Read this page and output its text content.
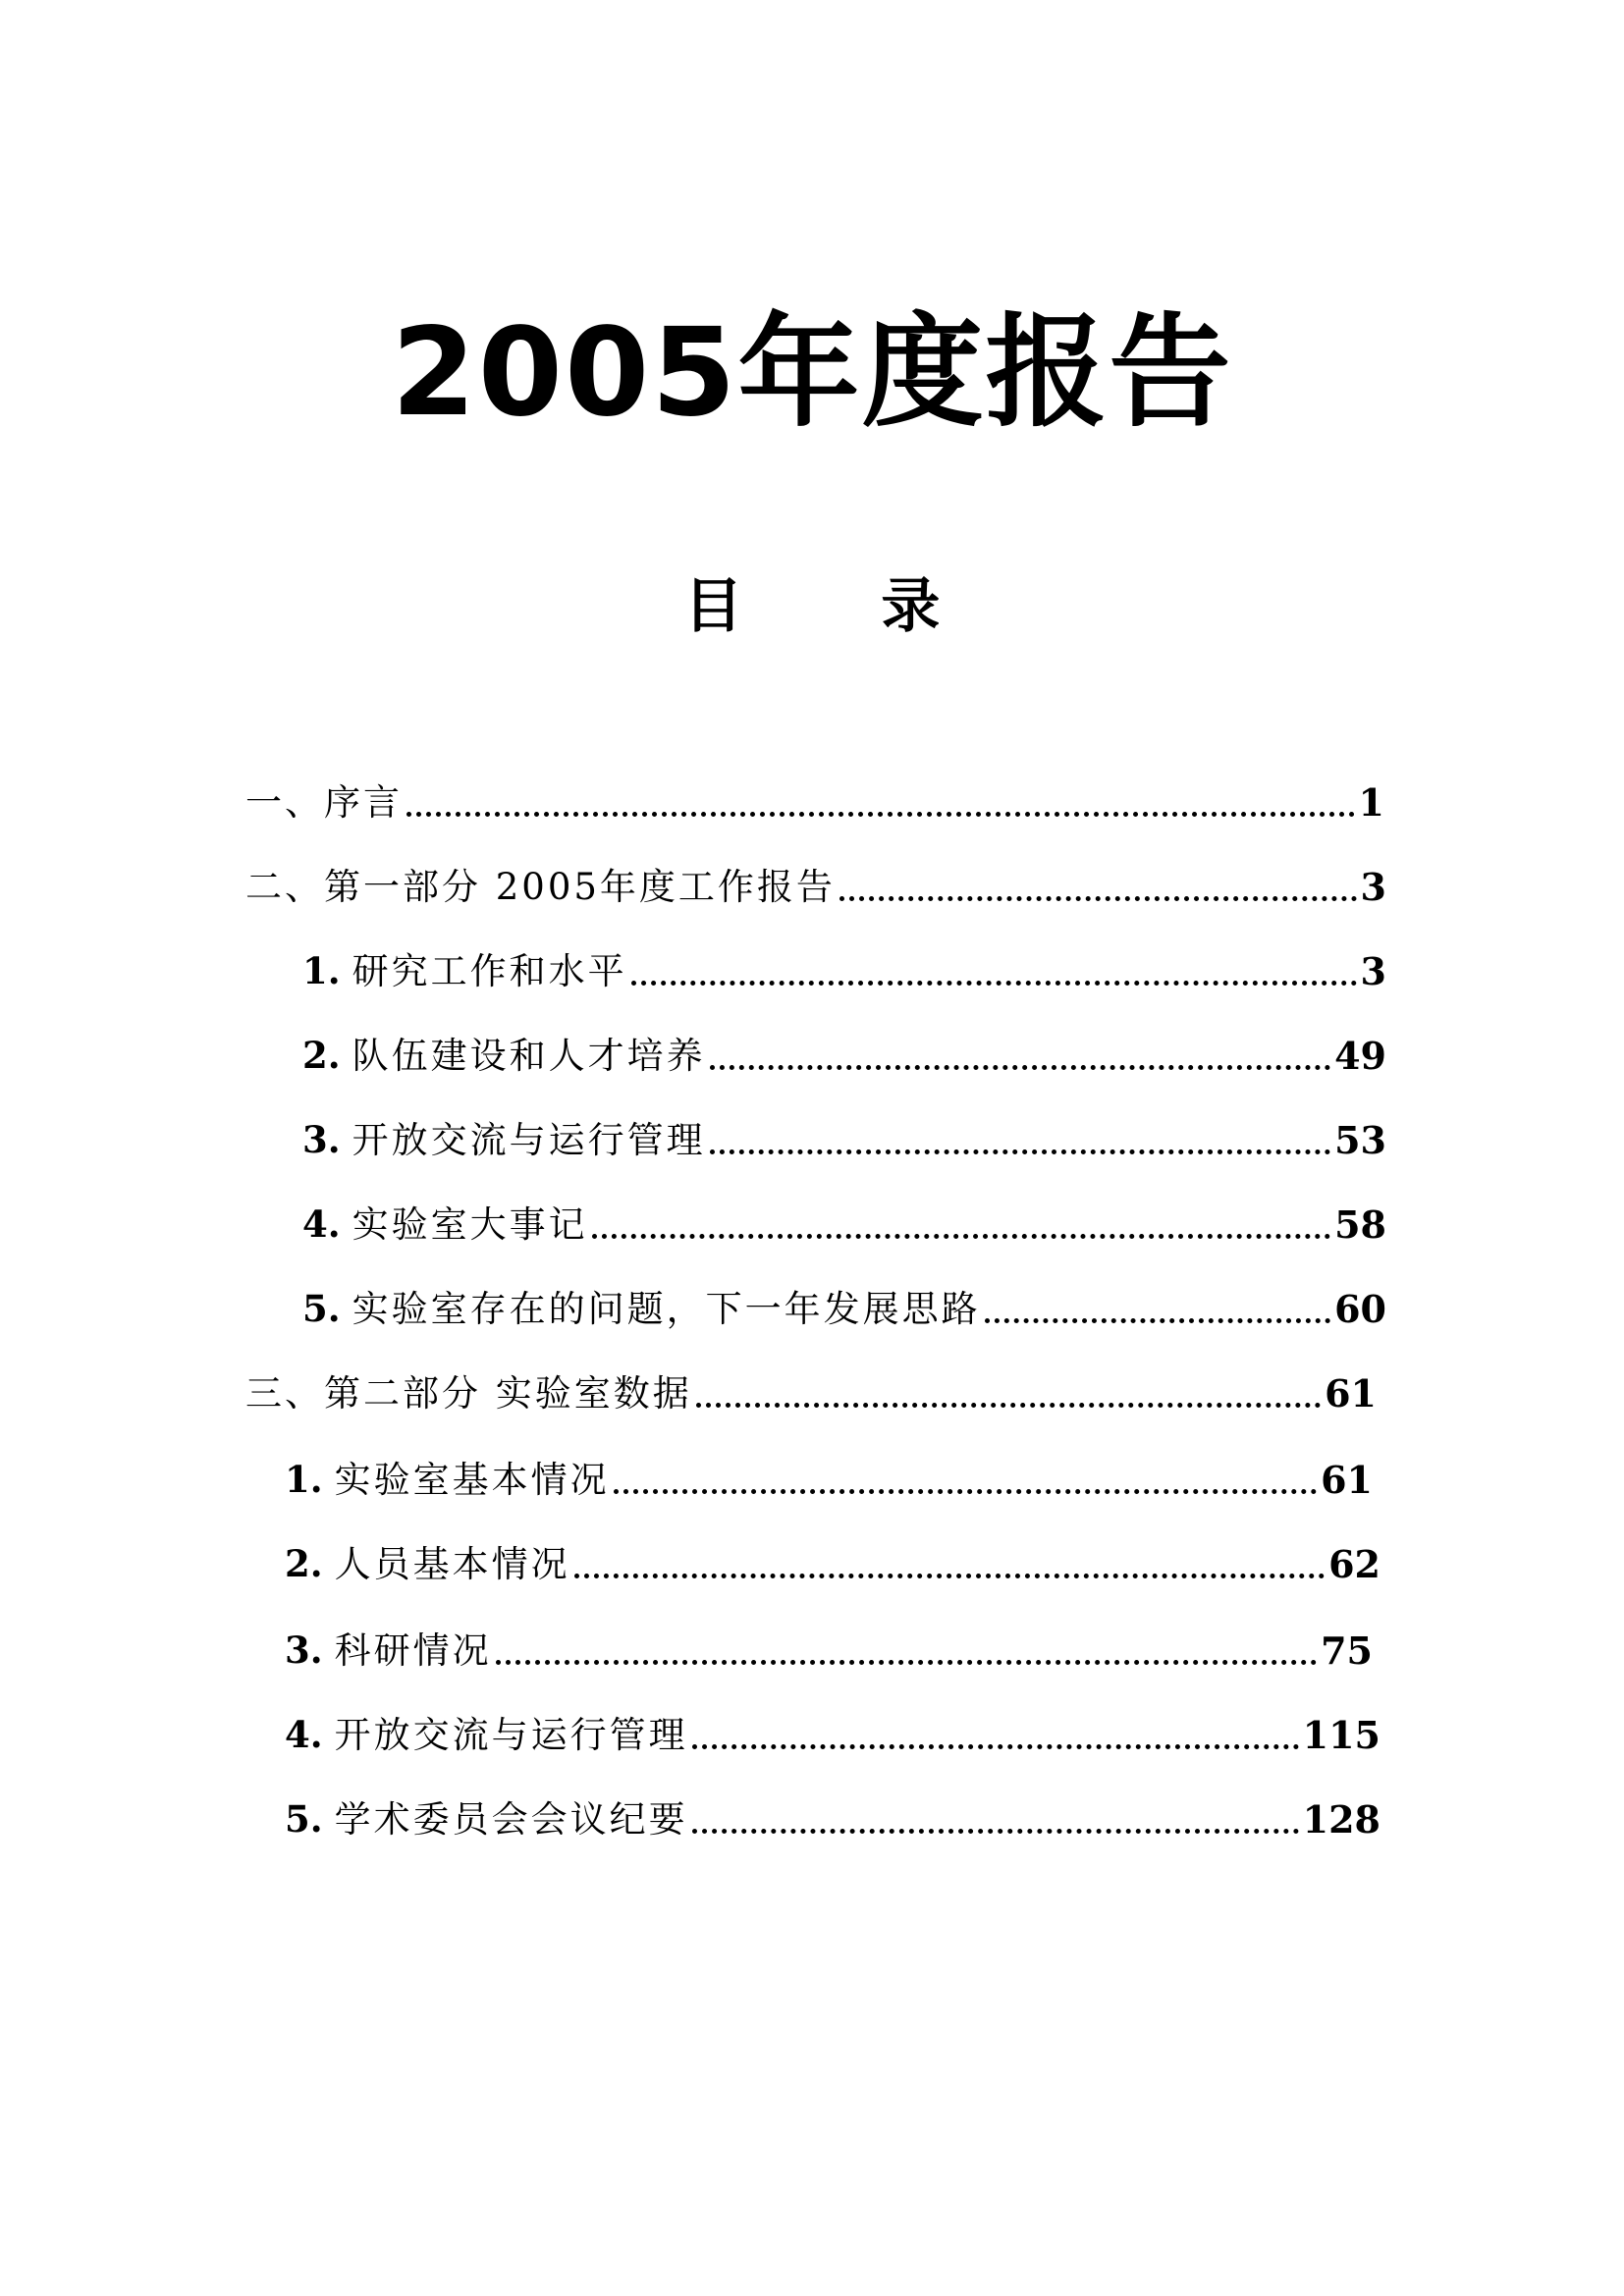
2005年度报告
目 录
一、序言	1
二、第一部分 2005年度工作报告	3
1. 研究工作和水平	3
2. 队伍建设和人才培养	49
3. 开放交流与运行管理	53
4. 实验室大事记	58
5. 实验室存在的问题，下一年发展思路	60
三、第二部分 实验室数据	61
1. 实验室基本情况	61
2. 人员基本情况	62
3. 科研情况	75
4. 开放交流与运行管理	115
5. 学术委员会会议纪要	128
